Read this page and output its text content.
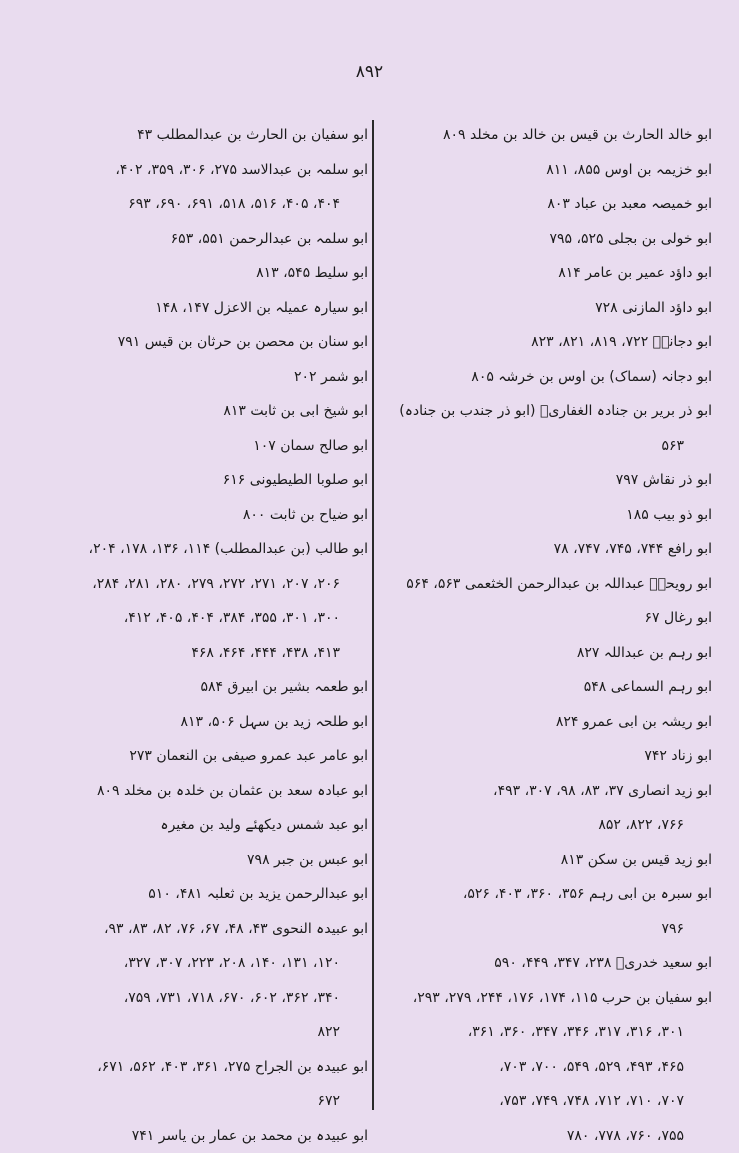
۸۹۲
ابو خالد الحارث بن قیس بن خالد بن مخلد ۸۰۹
ابو خزیمہ بن اوس ۸۵۵، ۸۱۱
ابو خمیصہ معبد بن عباد ۸۰۳
ابو خولی بن بجلی ۵۲۵، ۷۹۵
ابو داؤد عمیر بن عامر ۸۱۴
ابو داؤد المازنی ۷۲۸
ابو دجانہؓ ۷۲۲، ۸۱۹، ۸۲۱، ۸۲۳
ابو دجانہ (سماک) بن اوس بن خرشہ ۸۰۵
ابو ذر بریر بن جنادہ الغفاریؓ (ابو ذر جندب بن جنادہ)
۵۶۳
ابو ذر نقاش ۷۹۷
ابو ذو بیب ۱۸۵
ابو رافع ۷۴۴، ۷۴۵، ۷۴۷، ۷۸
ابو رویحہؓ عبداللہ بن عبدالرحمن الخثعمی ۵۶۳، ۵۶۴
ابو رغال ۶۷
ابو رہم بن عبداللہ ۸۲۷
ابو رہم السماعی ۵۴۸
ابو ریشہ بن ابی عمرو ۸۲۴
ابو زناد ۷۴۲
ابو زید انصاری ۳۷، ۸۳، ۹۸، ۳۰۷، ۴۹۳،
۷۶۶، ۸۲۲، ۸۵۲
ابو زید قیس بن سکن ۸۱۳
ابو سبرہ بن ابی رہم ۳۵۶، ۳۶۰، ۴۰۳، ۵۲۶،
۷۹۶
ابو سعید خدریؓ ۲۳۸، ۳۴۷، ۴۴۹، ۵۹۰
ابو سفیان بن حرب ۱۱۵، ۱۷۴، ۱۷۶، ۲۴۴، ۲۷۹، ۲۹۳،
۳۰۱، ۳۱۶، ۳۱۷، ۳۴۶، ۳۴۷، ۳۶۰، ۳۶۱،
۴۶۵، ۴۹۳، ۵۲۹، ۵۴۹، ۷۰۰، ۷۰۳،
۷۰۷، ۷۱۰، ۷۱۲، ۷۴۸، ۷۴۹، ۷۵۳،
۷۵۵، ۷۶۰، ۷۷۸، ۷۸۰
ابو سفیان بن الحارث بن عبدالمطلب ۴۳
ابو سلمہ بن عبدالاسد ۲۷۵، ۳۰۶، ۳۵۹، ۴۰۲،
۴۰۴، ۴۰۵، ۵۱۶، ۵۱۸، ۶۹۱، ۶۹۰، ۶۹۳
ابو سلمہ بن عبدالرحمن ۵۵۱، ۶۵۳
ابو سلیط ۵۴۵، ۸۱۳
ابو سیارہ عمیلہ بن الاعزل ۱۴۷، ۱۴۸
ابو سنان بن محصن بن حرثان بن قیس ۷۹۱
ابو شمر ۲۰۲
ابو شیخ ابی بن ثابت ۸۱۳
ابو صالح سمان ۱۰۷
ابو صلوبا الطیطیونی ۶۱۶
ابو ضیاح بن ثابت ۸۰۰
ابو طالب (بن عبدالمطلب) ۱۱۴، ۱۳۶، ۱۷۸، ۲۰۴،
۲۰۶، ۲۰۷، ۲۷۱، ۲۷۲، ۲۷۹، ۲۸۰، ۲۸۱، ۲۸۴،
۳۰۰، ۳۰۱، ۳۵۵، ۳۸۴، ۴۰۴، ۴۰۵، ۴۱۲،
۴۱۳، ۴۳۸، ۴۴۴، ۴۶۴، ۴۶۸
ابو طعمہ بشیر بن ابیرق ۵۸۴
ابو طلحہ زید بن سہل ۵۰۶، ۸۱۳
ابو عامر عبد عمرو صیفی بن النعمان ۲۷۳
ابو عبادہ سعد بن عثمان بن خلدہ بن مخلد ۸۰۹
ابو عبد شمس دیکھئے ولید بن مغیرہ
ابو عبس بن جبر ۷۹۸
ابو عبدالرحمن یزید بن ثعلبہ ۴۸۱، ۵۱۰
ابو عبیدہ النحوی ۴۳، ۴۸، ۶۷، ۷۶، ۸۲، ۸۳، ۹۳،
۱۲۰، ۱۳۱، ۱۴۰، ۲۰۸، ۲۲۳، ۳۰۷، ۳۲۷،
۳۴۰، ۳۶۲، ۶۰۲، ۶۷۰، ۷۱۸، ۷۳۱، ۷۵۹،
۸۲۲
ابو عبیدہ بن الجراح ۲۷۵، ۳۶۱، ۴۰۳، ۵۶۲، ۶۷۱،
۶۷۲
ابو عبیدہ بن محمد بن عمار بن یاسر ۷۴۱
